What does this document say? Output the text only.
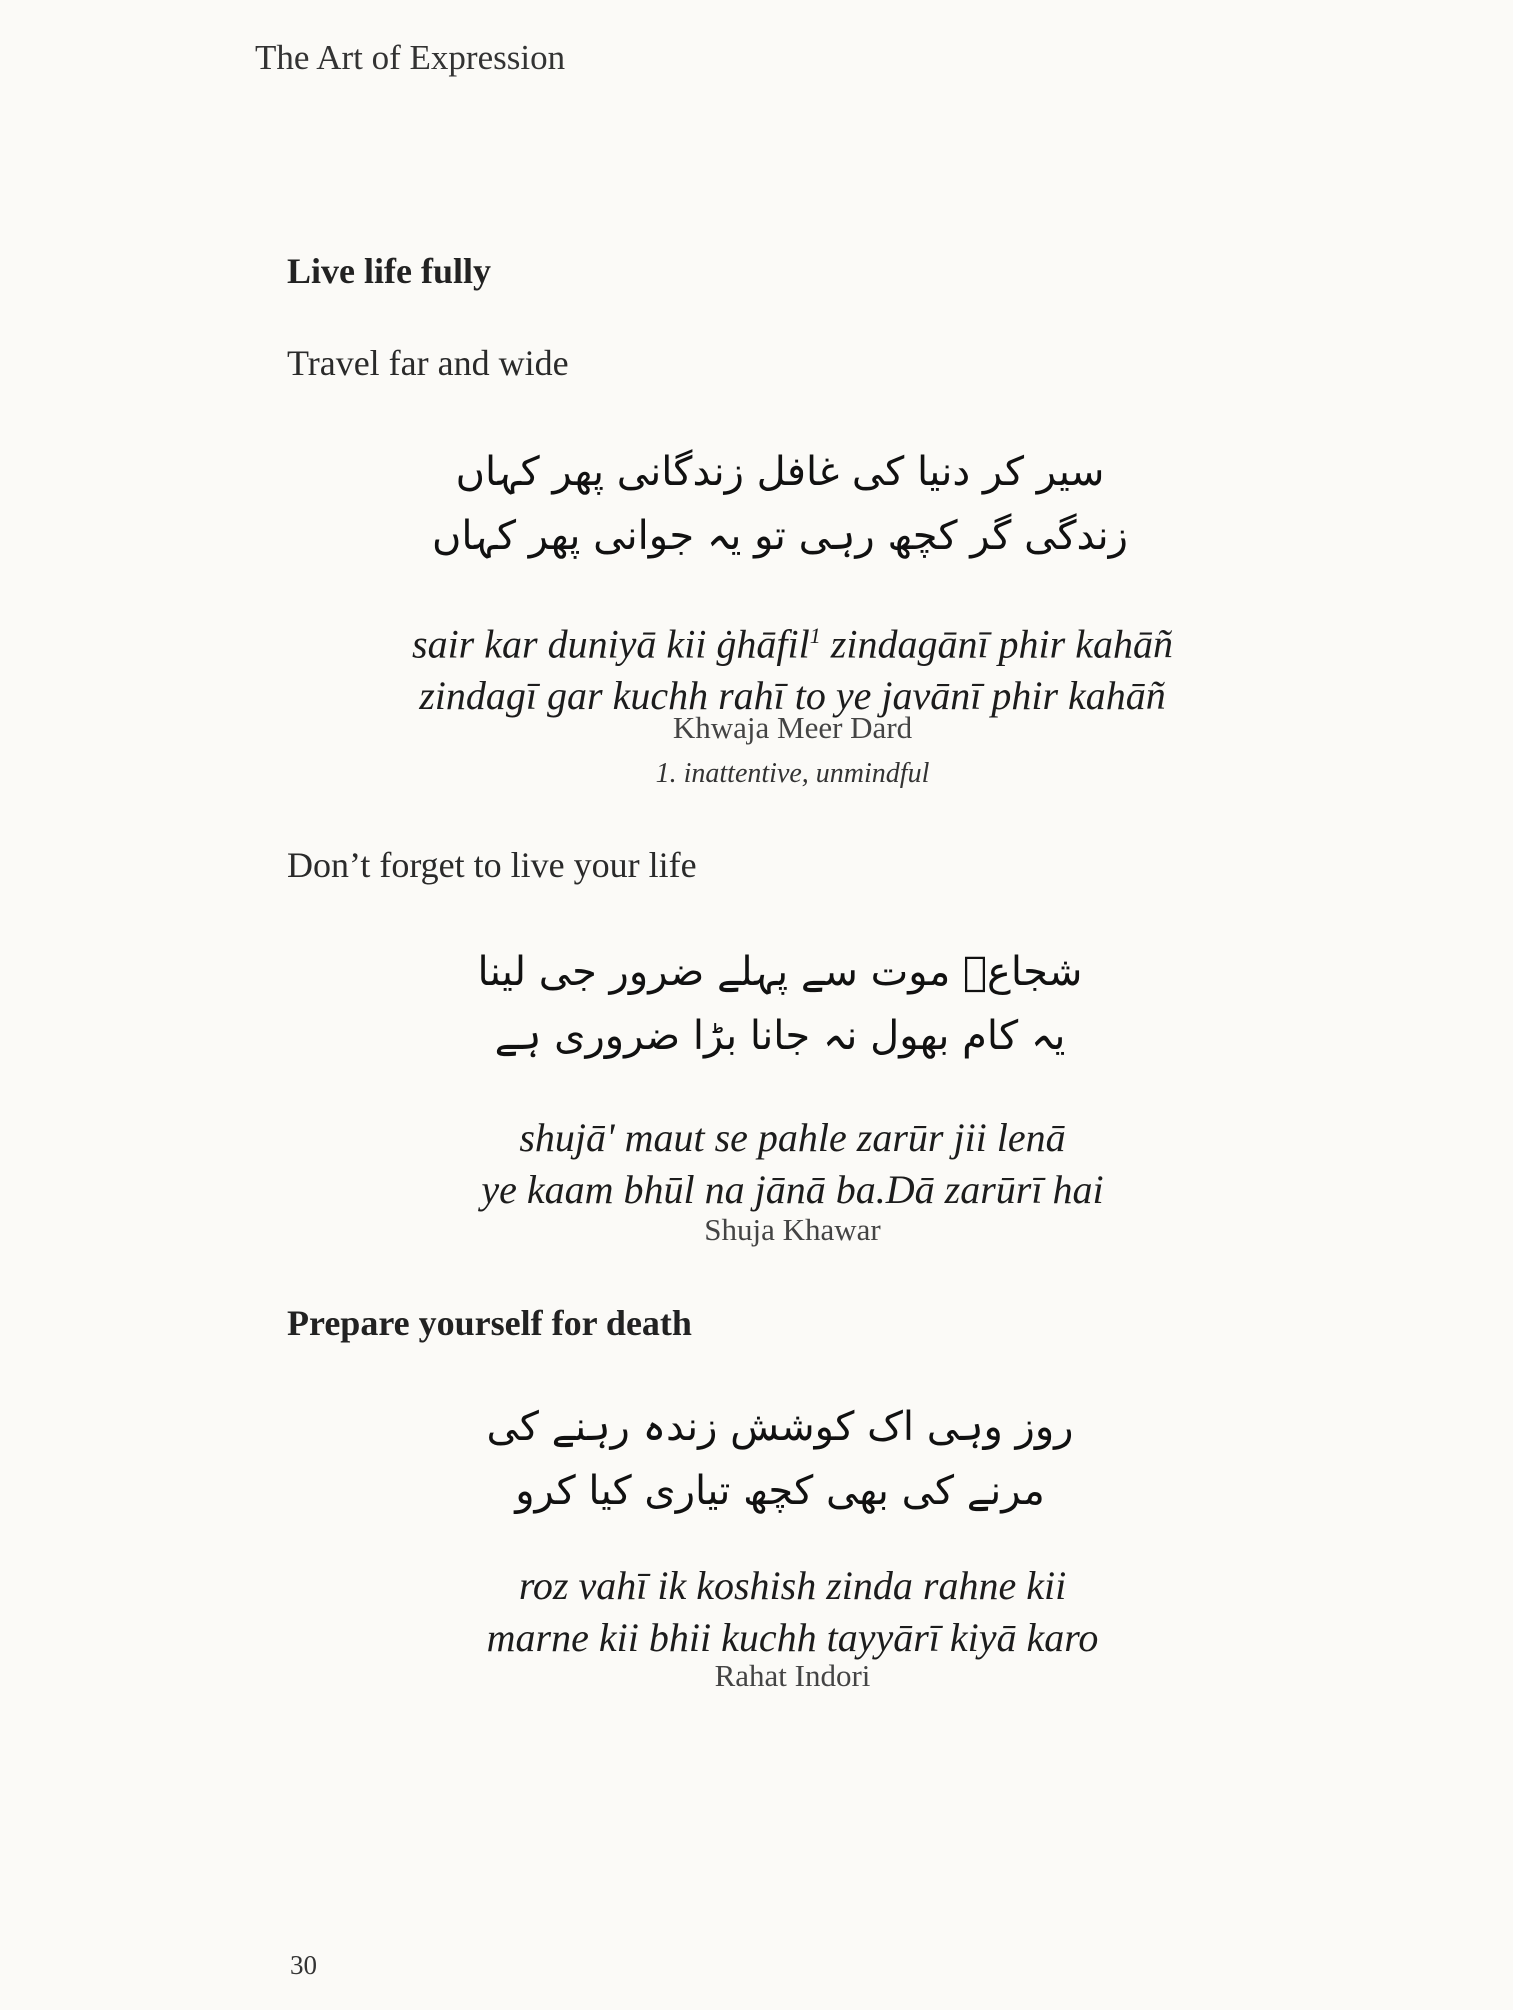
The Art of Expression
Live life fully
Travel far and wide
سیر کر دنیا کی غافل زندگانی پھر کہاں
زندگی گر کچھ رہی تو یہ جوانی پھر کہاں
sair kar duniyā kii ġhāfil$^1$ zindagānī phir kahāñ
zindagī gar kuchh rahī to ye javānī phir kahāñ
Khwaja Meer Dard
1. inattentive, unmindful
Don’t forget to live your life
شجاعؔ موت سے پہلے ضرور جی لینا
یہ کام بھول نہ جانا بڑا ضروری ہے
shujā' maut se pahle zarūr jii lenā
ye kaam bhūl na jānā ba.Dā zarūrī hai
Shuja Khawar
Prepare yourself for death
روز وہی اک کوشش زندہ رہنے کی
مرنے کی بھی کچھ تیاری کیا کرو
roz vahī ik koshish zinda rahne kii
marne kii bhii kuchh tayyārī kiyā karo
Rahat Indori
30
